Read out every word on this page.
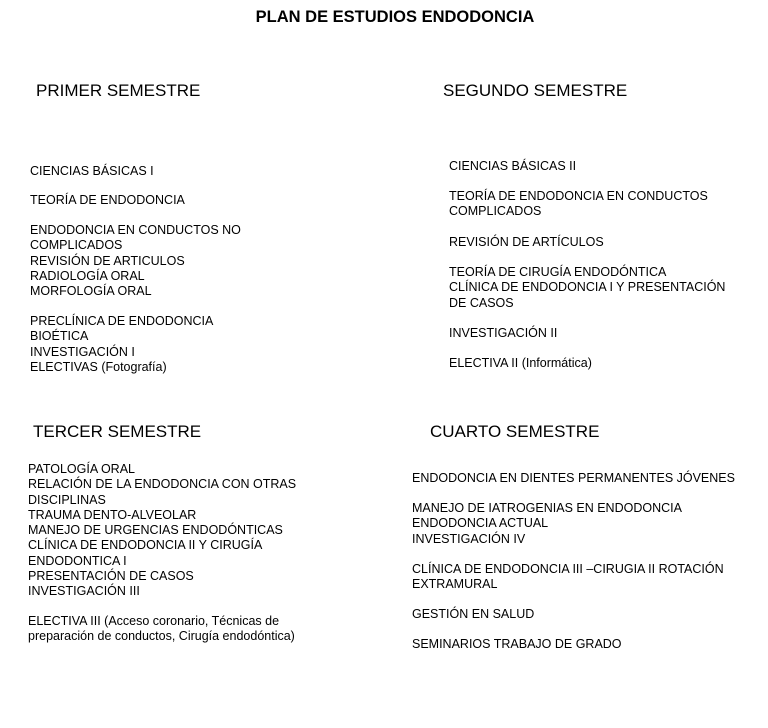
PLAN DE ESTUDIOS ENDODONCIA
PRIMER SEMESTRE
CIENCIAS BÁSICAS I
TEORÍA DE ENDODONCIA
ENDODONCIA EN CONDUCTOS NO
COMPLICADOS
REVISIÓN DE ARTICULOS
RADIOLOGÍA ORAL
MORFOLOGÍA ORAL
PRECLÍNICA DE ENDODONCIA
BIOÉTICA
INVESTIGACIÓN I
ELECTIVAS (Fotografía)
SEGUNDO SEMESTRE
CIENCIAS BÁSICAS II
TEORÍA DE ENDODONCIA EN CONDUCTOS
COMPLICADOS
REVISIÓN DE ARTÍCULOS
TEORÍA DE CIRUGÍA ENDODÓNTICA
CLÍNICA DE ENDODONCIA I Y PRESENTACIÓN
DE CASOS
INVESTIGACIÓN II
ELECTIVA II (Informática)
TERCER SEMESTRE
PATOLOGÍA ORAL
RELACIÓN DE LA ENDODONCIA CON OTRAS
DISCIPLINAS
TRAUMA DENTO-ALVEOLAR
MANEJO DE URGENCIAS ENDODÓNTICAS
CLÍNICA DE ENDODONCIA II Y CIRUGÍA
ENDODONTICA I
PRESENTACIÓN DE CASOS
INVESTIGACIÓN III
ELECTIVA III (Acceso coronario, Técnicas de
preparación de conductos, Cirugía endodóntica)
CUARTO SEMESTRE
ENDODONCIA EN DIENTES PERMANENTES JÓVENES
MANEJO DE IATROGENIAS EN ENDODONCIA
ENDODONCIA ACTUAL
INVESTIGACIÓN IV
CLÍNICA DE ENDODONCIA III –CIRUGIA II ROTACIÓN
EXTRAMURAL
GESTIÓN EN SALUD
SEMINARIOS TRABAJO DE GRADO
